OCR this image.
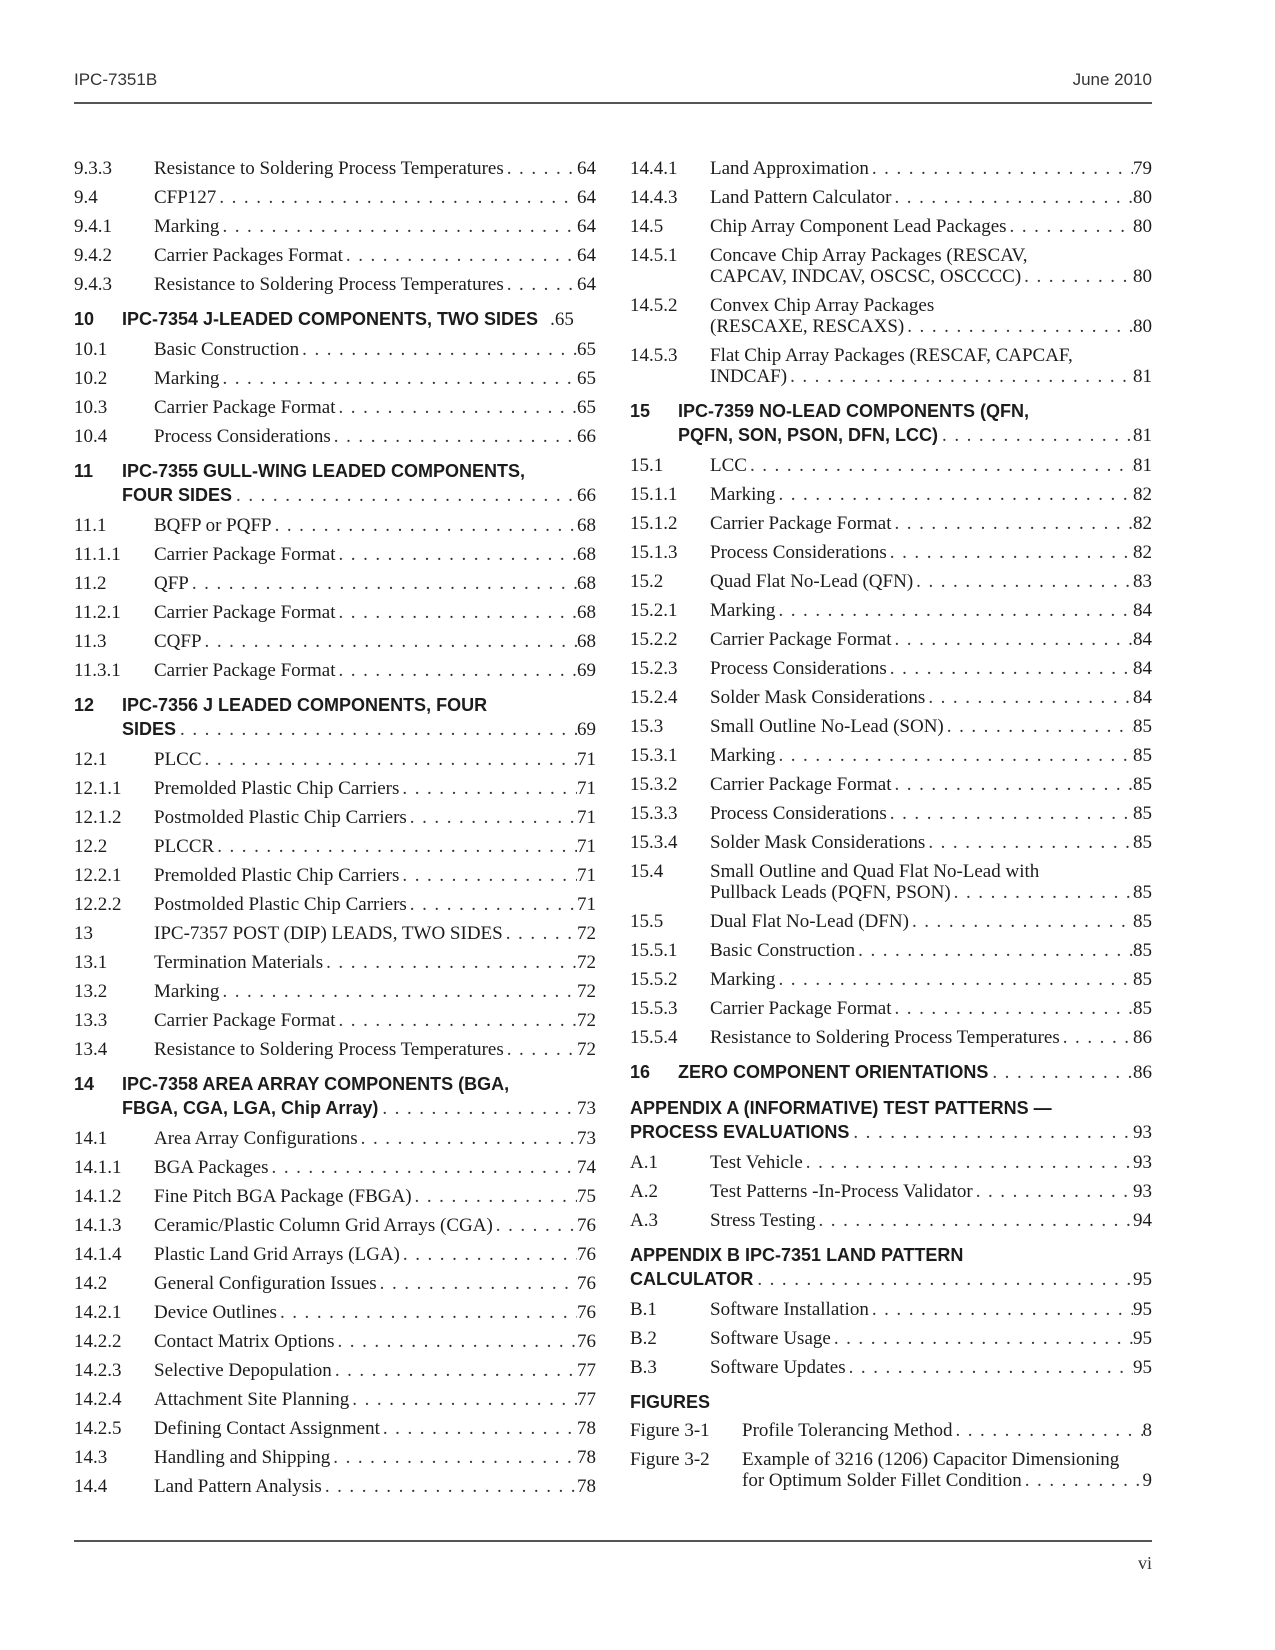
IPC-7351B	June 2010
9.3.3 Resistance to Soldering Process Temperatures . . .	64
9.4	CFP127 . . .	64
9.4.1 Marking . . .	64
9.4.2 Carrier Packages Format . . .	64
9.4.3 Resistance to Soldering Process Temperatures . . .	64
10 IPC-7354 J-LEADED COMPONENTS, TWO SIDES .65
10.1 Basic Construction . . .	65
10.2 Marking . . .	65
10.3 Carrier Package Format . . .	65
10.4 Process Considerations . . .	66
11 IPC-7355 GULL-WING LEADED COMPONENTS,
FOUR SIDES . . .	66
11.1 BQFP or PQFP . . .	68
11.1.1 Carrier Package Format . . .	68
11.2 QFP . . .	68
11.2.1 Carrier Package Format . . .	68
11.3 CQFP . . .	68
11.3.1 Carrier Package Format . . .	69
12 IPC-7356 J LEADED COMPONENTS, FOUR
SIDES . . .	69
12.1 PLCC . . .	71
12.1.1 Premolded Plastic Chip Carriers . . .	71
12.1.2 Postmolded Plastic Chip Carriers . . .	71
12.2 PLCCR . . .	71
12.2.1 Premolded Plastic Chip Carriers . . .	71
12.2.2 Postmolded Plastic Chip Carriers . . .	71
13	IPC-7357 POST (DIP) LEADS, TWO SIDES . . .	72
13.1 Termination Materials . . .	72
13.2 Marking . . .	72
13.3 Carrier Package Format . . .	72
13.4 Resistance to Soldering Process Temperatures . . .	72
14 IPC-7358 AREA ARRAY COMPONENTS (BGA,
FBGA, CGA, LGA, Chip Array) . . .	73
14.1 Area Array Configurations . . .	73
14.1.1 BGA Packages . . .	74
14.1.2 Fine Pitch BGA Package (FBGA) . . .	75
14.1.3 Ceramic/Plastic Column Grid Arrays (CGA) . . .	76
14.1.4 Plastic Land Grid Arrays (LGA) . . .	76
14.2 General Configuration Issues . . .	76
14.2.1 Device Outlines . . .	76
14.2.2 Contact Matrix Options . . .	76
14.2.3 Selective Depopulation . . .	77
14.2.4 Attachment Site Planning . . .	77
14.2.5 Defining Contact Assignment . . .	78
14.3 Handling and Shipping . . .	78
14.4 Land Pattern Analysis . . .	78
14.4.1 Land Approximation . . .	79
14.4.3 Land Pattern Calculator . . .	80
14.5 Chip Array Component Lead Packages . . .	80
14.5.1 Concave Chip Array Packages (RESCAV,
CAPCAV, INDCAV, OSCSC, OSCCCC) . . .	80
14.5.2 Convex Chip Array Packages
(RESCAXE, RESCAXS) . . .	80
14.5.3 Flat Chip Array Packages (RESCAF, CAPCAF,
INDCAF) . . .	81
15 IPC-7359 NO-LEAD COMPONENTS (QFN,
PQFN, SON, PSON, DFN, LCC) . . .	81
15.1 LCC . . .	81
15.1.1 Marking . . .	82
15.1.2 Carrier Package Format . . .	82
15.1.3 Process Considerations . . .	82
15.2 Quad Flat No-Lead (QFN) . . .	83
15.2.1 Marking . . .	84
15.2.2 Carrier Package Format . . .	84
15.2.3 Process Considerations . . .	84
15.2.4 Solder Mask Considerations . . .	84
15.3 Small Outline No-Lead (SON) . . .	85
15.3.1 Marking . . .	85
15.3.2 Carrier Package Format . . .	85
15.3.3 Process Considerations . . .	85
15.3.4 Solder Mask Considerations . . .	85
15.4 Small Outline and Quad Flat No-Lead with
Pullback Leads (PQFN, PSON) . . .	85
15.5 Dual Flat No-Lead (DFN) . . .	85
15.5.1 Basic Construction . . .	85
15.5.2 Marking . . .	85
15.5.3 Carrier Package Format . . .	85
15.5.4 Resistance to Soldering Process Temperatures . . .	86
16 ZERO COMPONENT ORIENTATIONS . . .	86
APPENDIX A (INFORMATIVE) TEST PATTERNS —
PROCESS EVALUATIONS . . .	93
A.1	Test Vehicle . . .	93
A.2	Test Patterns -In-Process Validator . . .	93
A.3	Stress Testing . . .	94
APPENDIX B IPC-7351 LAND PATTERN
CALCULATOR . . .	95
B.1	Software Installation . . .	95
B.2	Software Usage . . .	95
B.3	Software Updates . . .	95
FIGURES
Figure 3-1 Profile Tolerancing Method . . .	8
Figure 3-2 Example of 3216 (1206) Capacitor Dimensioning
for Optimum Solder Fillet Condition . . .	9
vi
